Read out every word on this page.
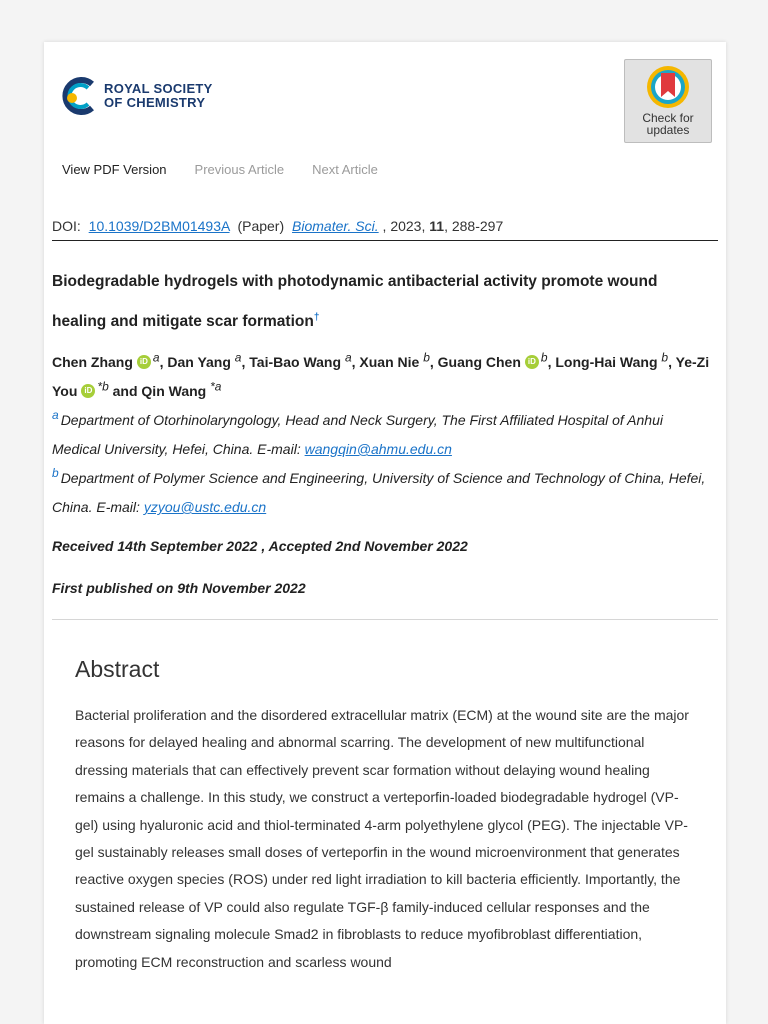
ROYAL SOCIETY
OF CHEMISTRY
Check for
updates
View PDF Version Previous Article Next Article
DOI: 10.1039/D2BM01493A (Paper) Biomater. Sci. , 2023, 11, 288-297
Biodegradable hydrogels with photodynamic antibacterial activity promote wound healing and mitigate scar formation†
Chen Zhang iD a, Dan Yang a, Tai-Bao Wang a, Xuan Nie b, Guang Chen iD b, Long-Hai Wang b, Ye-Zi You iD *b and Qin Wang *a
a Department of Otorhinolaryngology, Head and Neck Surgery, The First Affiliated Hospital of Anhui Medical University, Hefei, China. E-mail: wangqin@ahmu.edu.cn
b Department of Polymer Science and Engineering, University of Science and Technology of China, Hefei, China. E-mail: yzyou@ustc.edu.cn
Received 14th September 2022 , Accepted 2nd November 2022
First published on 9th November 2022
Abstract
Bacterial proliferation and the disordered extracellular matrix (ECM) at the wound site are the major reasons for delayed healing and abnormal scarring. The development of new multifunctional dressing materials that can effectively prevent scar formation without delaying wound healing remains a challenge. In this study, we construct a verteporfin-loaded biodegradable hydrogel (VP-gel) using hyaluronic acid and thiol-terminated 4-arm polyethylene glycol (PEG). The injectable VP-gel sustainably releases small doses of verteporfin in the wound microenvironment that generates reactive oxygen species (ROS) under red light irradiation to kill bacteria efficiently. Importantly, the sustained release of VP could also regulate TGF-β family-induced cellular responses and the downstream signaling molecule Smad2 in fibroblasts to reduce myofibroblast differentiation, promoting ECM reconstruction and scarless wound
